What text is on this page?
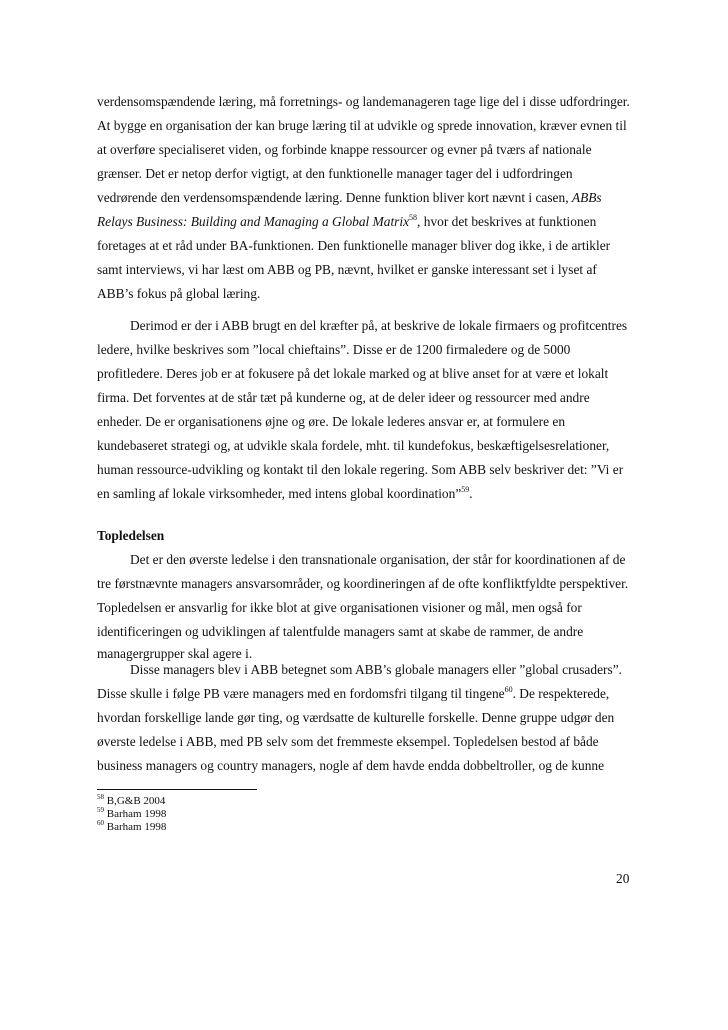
verdensomspændende læring, må forretnings- og landemanageren tage lige del i disse udfordringer.
At bygge en organisation der kan bruge læring til at udvikle og sprede innovation, kræver evnen til
at overføre specialiseret viden, og forbinde knappe ressourcer og evner på tværs af nationale
grænser. Det er netop derfor vigtigt, at den funktionelle manager tager del i udfordringen
vedrørende den verdensomspændende læring. Denne funktion bliver kort nævnt i casen, ABBs
Relays Business: Building and Managing a Global Matrix$^{58}$, hvor det beskrives at funktionen
foretages at et råd under BA-funktionen. Den funktionelle manager bliver dog ikke, i de artikler
samt interviews, vi har læst om ABB og PB, nævnt, hvilket er ganske interessant set i lyset af
ABB’s fokus på global læring.
Derimod er der i ABB brugt en del kræfter på, at beskrive de lokale firmaers og profitcentres
ledere, hvilke beskrives som ”local chieftains”. Disse er de 1200 firmaledere og de 5000
profitledere. Deres job er at fokusere på det lokale marked og at blive anset for at være et lokalt
firma. Det forventes at de står tæt på kunderne og, at de deler ideer og ressourcer med andre
enheder. De er organisationens øjne og øre. De lokale lederes ansvar er, at formulere en
kundebaseret strategi og, at udvikle skala fordele, mht. til kundefokus, beskæftigelsesrelationer,
human ressource-udvikling og kontakt til den lokale regering. Som ABB selv beskriver det: ”Vi er
en samling af lokale virksomheder, med intens global koordination”$^{59}$.
Topledelsen
Det er den øverste ledelse i den transnationale organisation, der står for koordinationen af de
tre førstnævnte managers ansvarsområder, og koordineringen af de ofte konfliktfyldte perspektiver.
Topledelsen er ansvarlig for ikke blot at give organisationen visioner og mål, men også for
identificeringen og udviklingen af talentfulde managers samt at skabe de rammer, de andre
managergrupper skal agere i.
Disse managers blev i ABB betegnet som ABB’s globale managers eller ”global crusaders”.
Disse skulle i følge PB være managers med en fordomsfri tilgang til tingene$^{60}$. De respekterede,
hvordan forskellige lande gør ting, og værdsatte de kulturelle forskelle. Denne gruppe udgør den
øverste ledelse i ABB, med PB selv som det fremmeste eksempel. Topledelsen bestod af både
business managers og country managers, nogle af dem havde endda dobbeltroller, og de kunne
$^{58}$ B,G&B 2004
$^{59}$ Barham 1998
$^{60}$ Barham 1998
20
